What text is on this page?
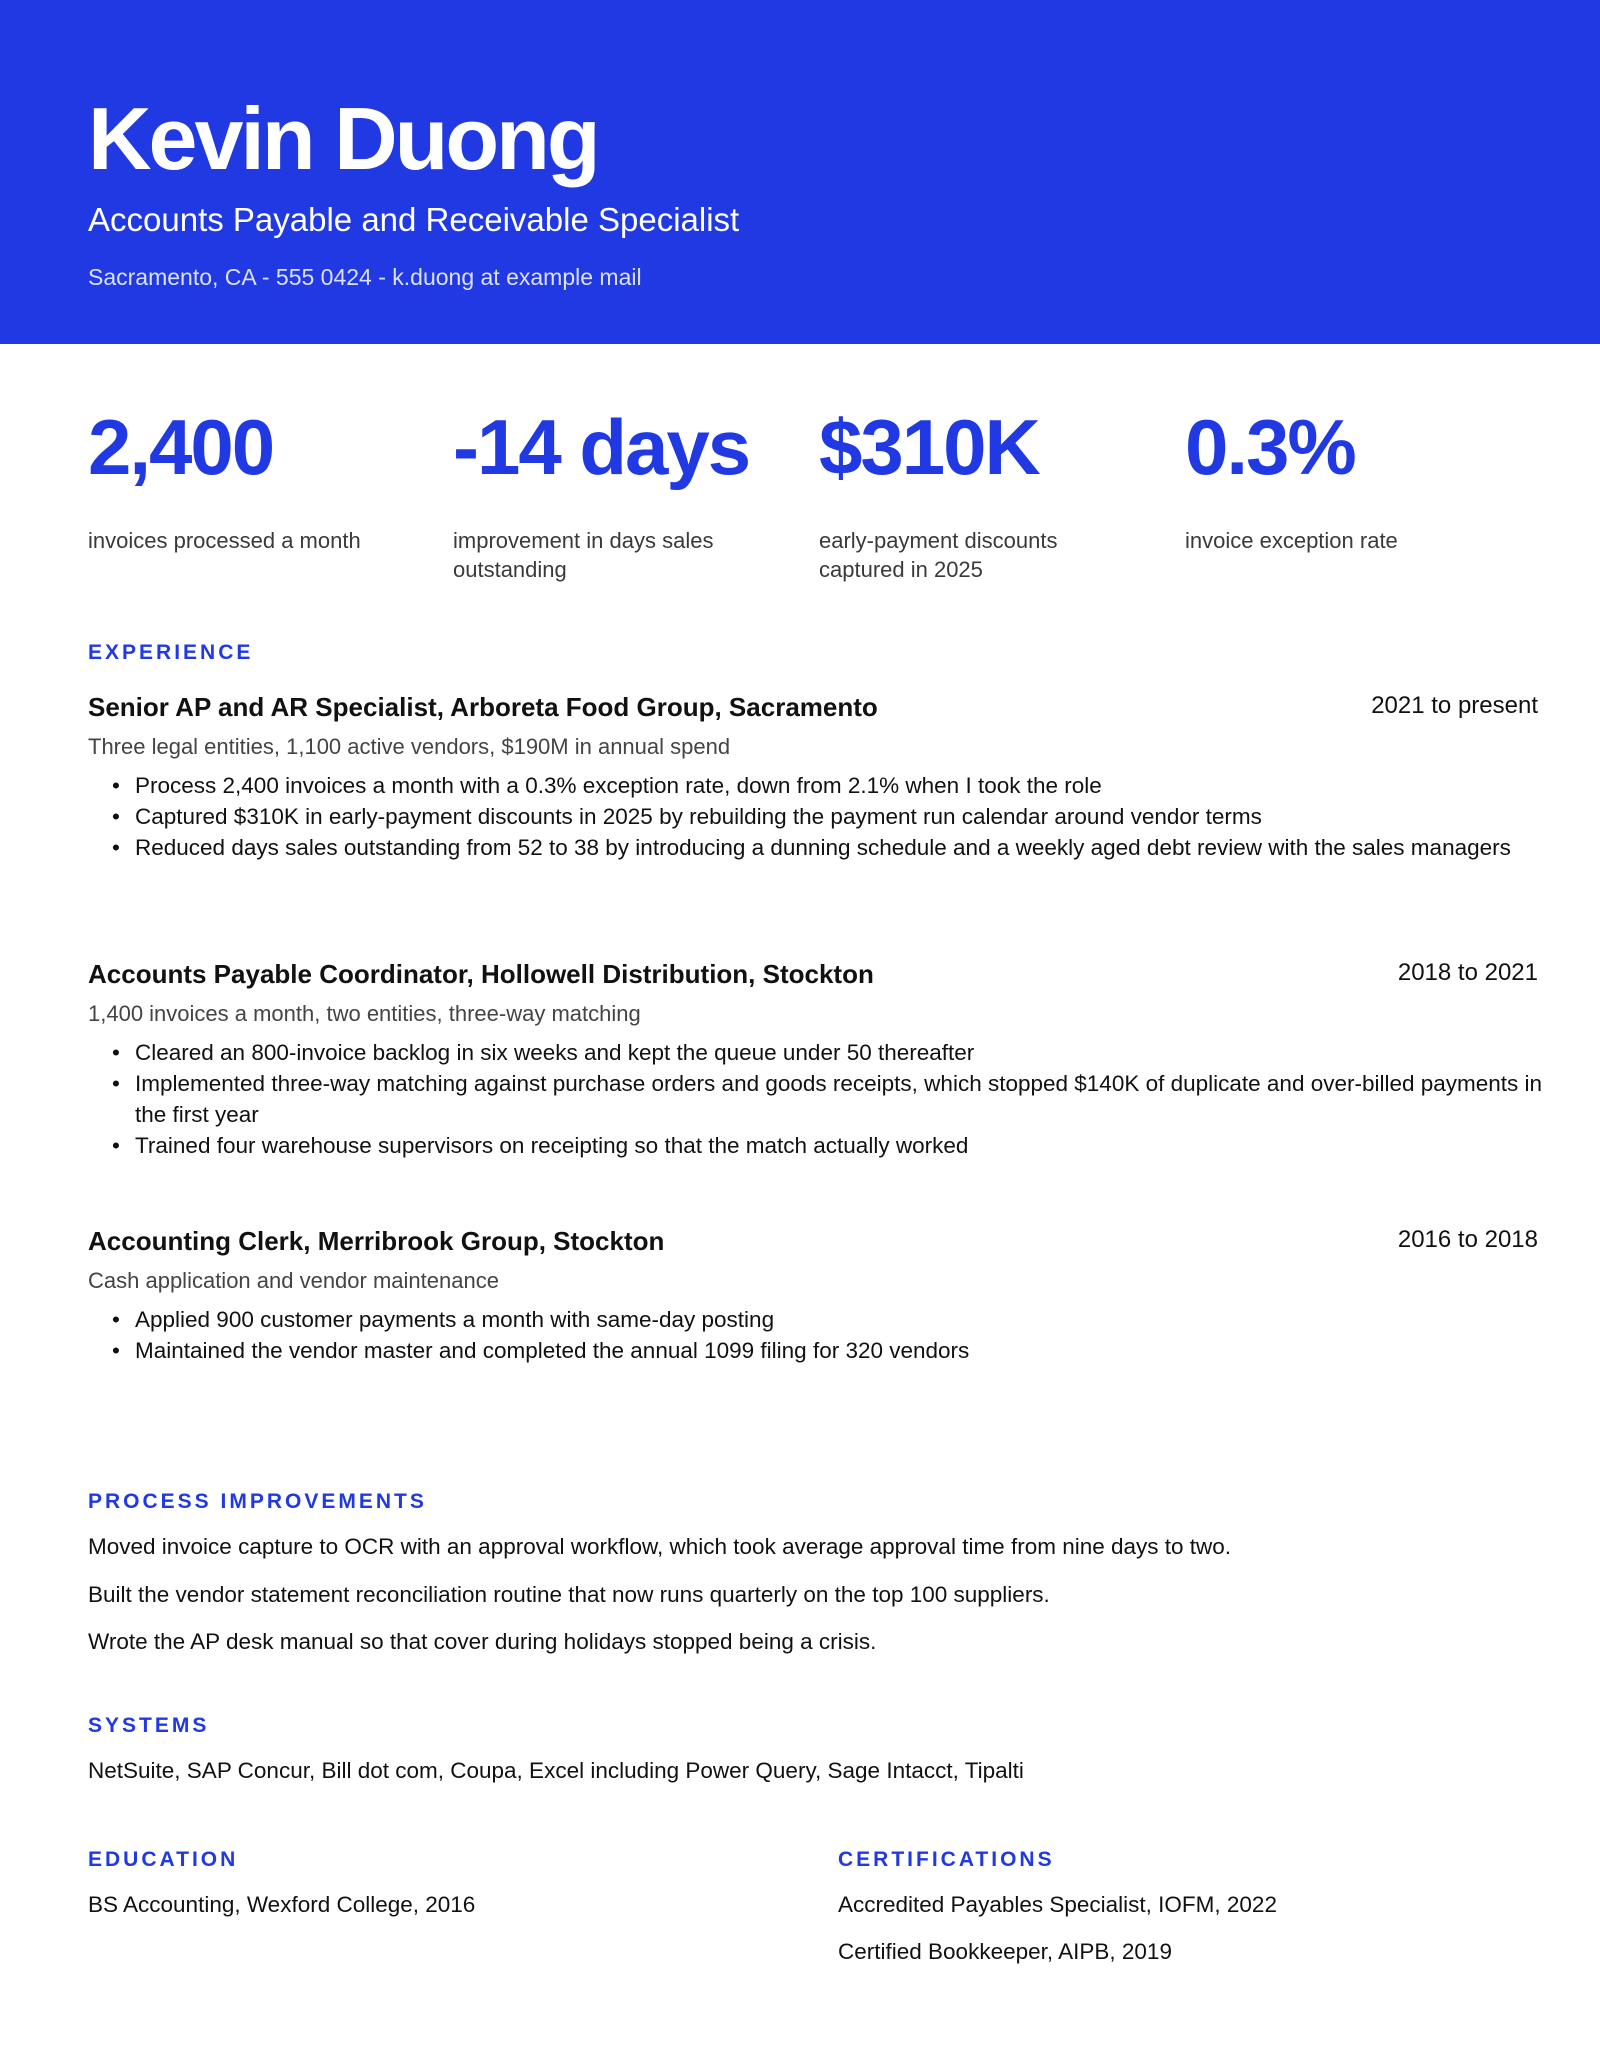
Kevin Duong
Accounts Payable and Receivable Specialist
Sacramento, CA - 555 0424 - k.duong at example mail
2,400
invoices processed a month
-14 days
improvement in days sales outstanding
$310K
early-payment discounts captured in 2025
0.3%
invoice exception rate
EXPERIENCE
Senior AP and AR Specialist, Arboreta Food Group, Sacramento	2021 to present
Three legal entities, 1,100 active vendors, $190M in annual spend
• Process 2,400 invoices a month with a 0.3% exception rate, down from 2.1% when I took the role
• Captured $310K in early-payment discounts in 2025 by rebuilding the payment run calendar around vendor terms
• Reduced days sales outstanding from 52 to 38 by introducing a dunning schedule and a weekly aged debt review with the sales managers
Accounts Payable Coordinator, Hollowell Distribution, Stockton	2018 to 2021
1,400 invoices a month, two entities, three-way matching
• Cleared an 800-invoice backlog in six weeks and kept the queue under 50 thereafter
• Implemented three-way matching against purchase orders and goods receipts, which stopped $140K of duplicate and over-billed payments in the first year
• Trained four warehouse supervisors on receipting so that the match actually worked
Accounting Clerk, Merribrook Group, Stockton	2016 to 2018
Cash application and vendor maintenance
• Applied 900 customer payments a month with same-day posting
• Maintained the vendor master and completed the annual 1099 filing for 320 vendors
PROCESS IMPROVEMENTS
Moved invoice capture to OCR with an approval workflow, which took average approval time from nine days to two.
Built the vendor statement reconciliation routine that now runs quarterly on the top 100 suppliers.
Wrote the AP desk manual so that cover during holidays stopped being a crisis.
SYSTEMS
NetSuite, SAP Concur, Bill dot com, Coupa, Excel including Power Query, Sage Intacct, Tipalti
EDUCATION
BS Accounting, Wexford College, 2016
CERTIFICATIONS
Accredited Payables Specialist, IOFM, 2022
Certified Bookkeeper, AIPB, 2019
